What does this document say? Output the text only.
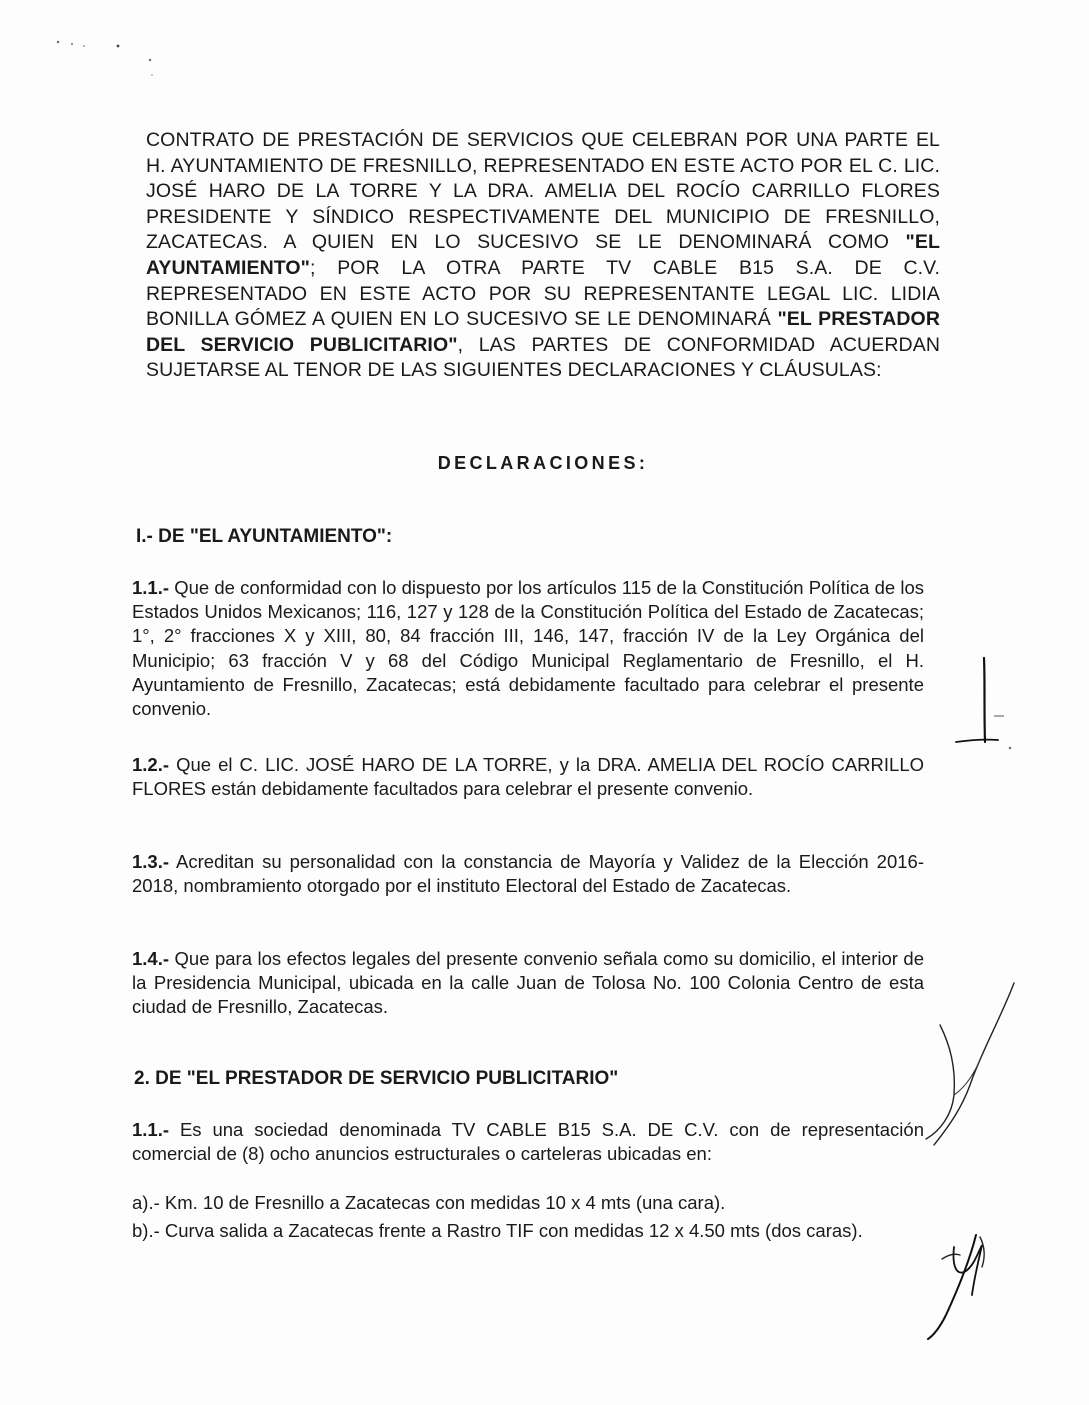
CONTRATO DE PRESTACIÓN DE SERVICIOS QUE CELEBRAN POR UNA PARTE EL H. AYUNTAMIENTO DE FRESNILLO, REPRESENTADO EN ESTE ACTO POR EL C. LIC. JOSÉ HARO DE LA TORRE Y LA DRA. AMELIA DEL ROCÍO CARRILLO FLORES PRESIDENTE Y SÍNDICO RESPECTIVAMENTE DEL MUNICIPIO DE FRESNILLO, ZACATECAS. A QUIEN EN LO SUCESIVO SE LE DENOMINARÁ COMO "EL AYUNTAMIENTO"; POR LA OTRA PARTE TV CABLE B15 S.A. DE C.V. REPRESENTADO EN ESTE ACTO POR SU REPRESENTANTE LEGAL LIC. LIDIA BONILLA GÓMEZ A QUIEN EN LO SUCESIVO SE LE DENOMINARÁ "EL PRESTADOR DEL SERVICIO PUBLICITARIO", LAS PARTES DE CONFORMIDAD ACUERDAN SUJETARSE AL TENOR DE LAS SIGUIENTES DECLARACIONES Y CLÁUSULAS:
DECLARACIONES:
I.- DE "EL AYUNTAMIENTO":
1.1.- Que de conformidad con lo dispuesto por los artículos 115 de la Constitución Política de los Estados Unidos Mexicanos; 116, 127 y 128 de la Constitución Política del Estado de Zacatecas; 1°, 2° fracciones X y XIII, 80, 84 fracción III, 146, 147, fracción IV de la Ley Orgánica del Municipio; 63 fracción V y 68 del Código Municipal Reglamentario de Fresnillo, el H. Ayuntamiento de Fresnillo, Zacatecas; está debidamente facultado para celebrar el presente convenio.
1.2.- Que el C. LIC. JOSÉ HARO DE LA TORRE, y la DRA. AMELIA DEL ROCÍO CARRILLO FLORES están debidamente facultados para celebrar el presente convenio.
1.3.- Acreditan su personalidad con la constancia de Mayoría y Validez de la Elección 2016-2018, nombramiento otorgado por el instituto Electoral del Estado de Zacatecas.
1.4.- Que para los efectos legales del presente convenio señala como su domicilio, el interior de la Presidencia Municipal, ubicada en la calle Juan de Tolosa No. 100 Colonia Centro de esta ciudad de Fresnillo, Zacatecas.
2. DE "EL PRESTADOR DE SERVICIO PUBLICITARIO"
1.1.- Es una sociedad denominada TV CABLE B15 S.A. DE C.V. con de representación comercial de (8) ocho anuncios estructurales o carteleras ubicadas en:
a).- Km. 10 de Fresnillo a Zacatecas con medidas 10 x 4 mts (una cara).
b).- Curva salida a Zacatecas frente a Rastro TIF con medidas 12 x 4.50 mts (dos caras).
